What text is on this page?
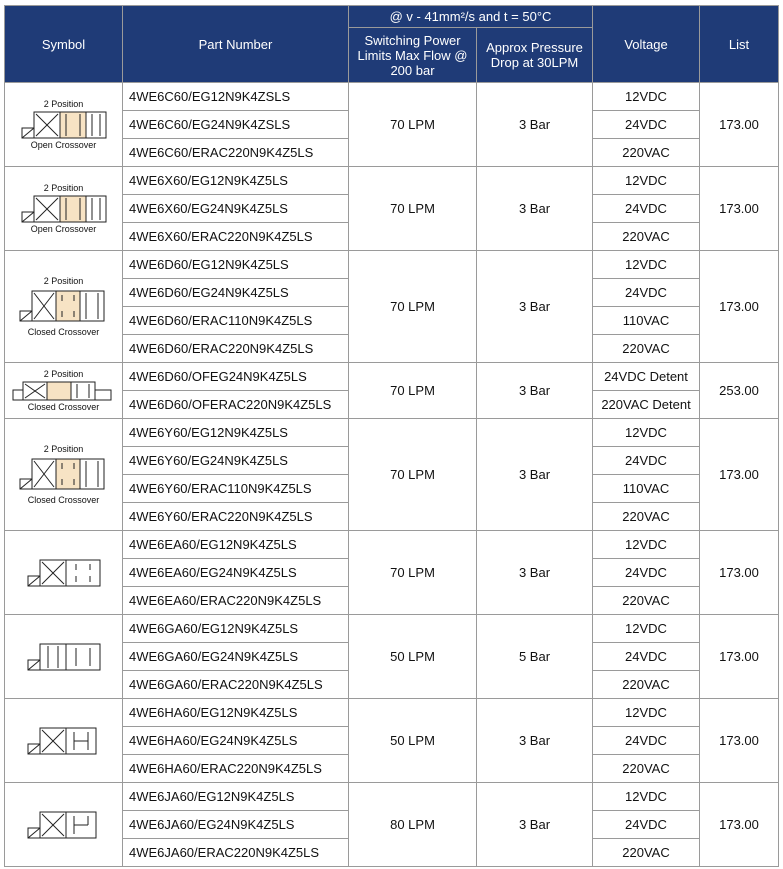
Symbol	Part Number	@ v - 41mm²/s and t = 50°C		Voltage	List
		Switching Power Limits Max Flow @ 200 bar	Approx Pressure Drop at 30LPM		

2 Position
Open Crossover	4WE6C60/EG12N9K4ZSLS	70 LPM	3 Bar	12VDC	173.00
	4WE6C60/EG24N9K4ZSLS			24VDC	
	4WE6C60/ERAC220N9K4Z5LS			220VAC	

2 Position
Open Crossover	4WE6X60/EG12N9K4Z5LS	70 LPM	3 Bar	12VDC	173.00
	4WE6X60/EG24N9K4Z5LS			24VDC	
	4WE6X60/ERAC220N9K4Z5LS			220VAC	

2 Position
Closed Crossover	4WE6D60/EG12N9K4Z5LS	70 LPM	3 Bar	12VDC	173.00
	4WE6D60/EG24N9K4Z5LS			24VDC	
	4WE6D60/ERAC110N9K4Z5LS			110VAC	
	4WE6D60/ERAC220N9K4Z5LS			220VAC	

2 Position
Closed Crossover	4WE6D60/OFEG24N9K4Z5LS	70 LPM	3 Bar	24VDC Detent	253.00
	4WE6D60/OFERAC220N9K4Z5LS			220VAC Detent	

2 Position
Closed Crossover	4WE6Y60/EG12N9K4Z5LS	70 LPM	3 Bar	12VDC	173.00
	4WE6Y60/EG24N9K4Z5LS			24VDC	
	4WE6Y60/ERAC110N9K4Z5LS			110VAC	
	4WE6Y60/ERAC220N9K4Z5LS			220VAC	

	4WE6EA60/EG12N9K4Z5LS	70 LPM	3 Bar	12VDC	173.00
	4WE6EA60/EG24N9K4Z5LS			24VDC	
	4WE6EA60/ERAC220N9K4Z5LS			220VAC	

	4WE6GA60/EG12N9K4Z5LS	50 LPM	5 Bar	12VDC	173.00
	4WE6GA60/EG24N9K4Z5LS			24VDC	
	4WE6GA60/ERAC220N9K4Z5LS			220VAC	

	4WE6HA60/EG12N9K4Z5LS	50 LPM	3 Bar	12VDC	173.00
	4WE6HA60/EG24N9K4Z5LS			24VDC	
	4WE6HA60/ERAC220N9K4Z5LS			220VAC	

	4WE6JA60/EG12N9K4Z5LS	80 LPM	3 Bar	12VDC	173.00
	4WE6JA60/EG24N9K4Z5LS			24VDC	
	4WE6JA60/ERAC220N9K4Z5LS			220VAC	
